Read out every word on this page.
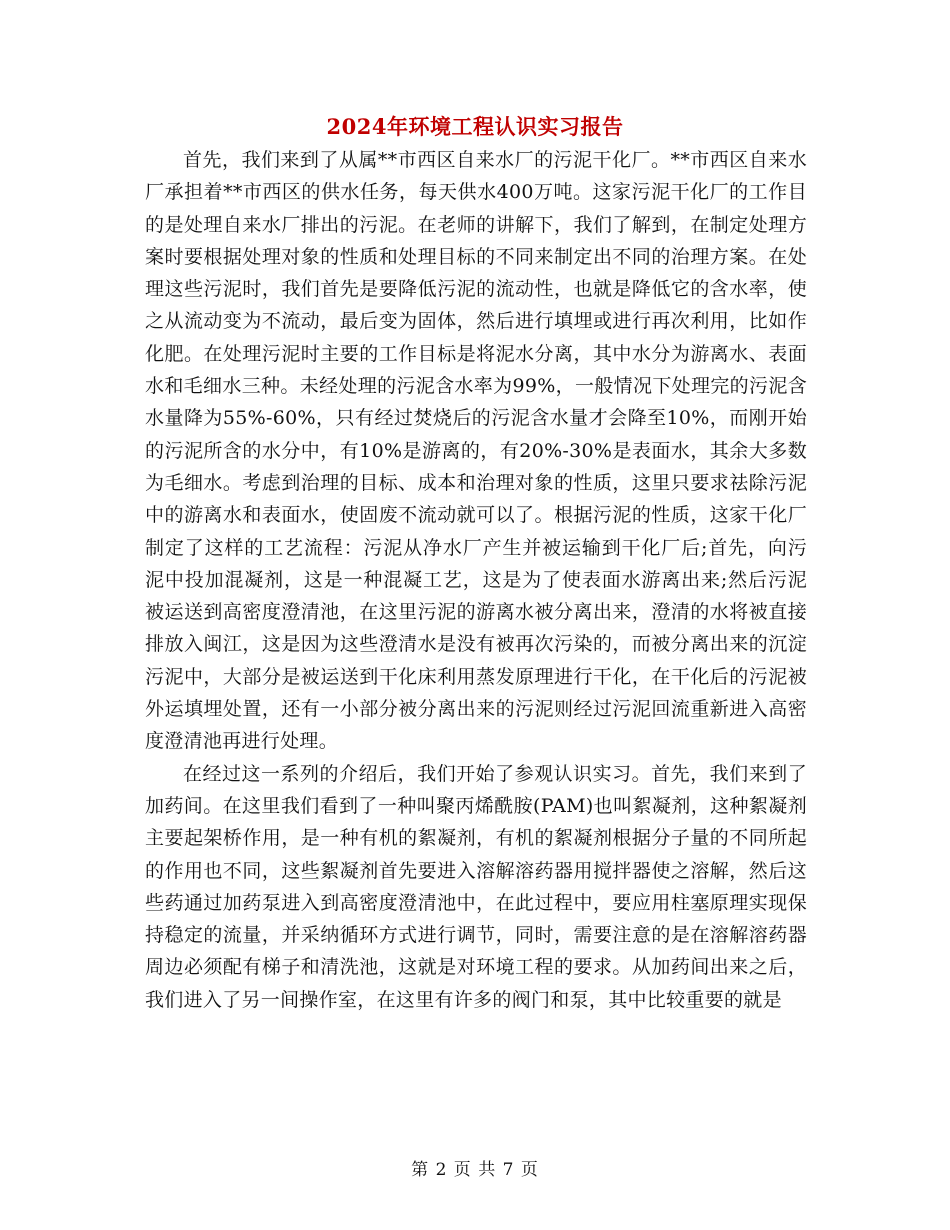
2024年环境工程认识实习报告

首先，我们来到了从属**市西区自来水厂的污泥干化厂。**市西区自来水厂承担着**市西区的供水任务，每天供水400万吨。这家污泥干化厂的工作目的是处理自来水厂排出的污泥。在老师的讲解下，我们了解到，在制定处理方案时要根据处理对象的性质和处理目标的不同来制定出不同的治理方案。在处理这些污泥时，我们首先是要降低污泥的流动性，也就是降低它的含水率，使之从流动变为不流动，最后变为固体，然后进行填埋或进行再次利用，比如作化肥。在处理污泥时主要的工作目标是将泥水分离，其中水分为游离水、表面水和毛细水三种。未经处理的污泥含水率为99%，一般情况下处理完的污泥含水量降为55%-60%，只有经过焚烧后的污泥含水量才会降至10%，而刚开始的污泥所含的水分中，有10%是游离的，有20%-30%是表面水，其余大多数为毛细水。考虑到治理的目标、成本和治理对象的性质，这里只要求祛除污泥中的游离水和表面水，使固废不流动就可以了。根据污泥的性质，这家干化厂制定了这样的工艺流程：污泥从净水厂产生并被运输到干化厂后;首先，向污泥中投加混凝剂，这是一种混凝工艺，这是为了使表面水游离出来;然后污泥被运送到高密度澄清池，在这里污泥的游离水被分离出来，澄清的水将被直接排放入闽江，这是因为这些澄清水是没有被再次污染的，而被分离出来的沉淀污泥中，大部分是被运送到干化床利用蒸发原理进行干化，在干化后的污泥被外运填埋处置，还有一小部分被分离出来的污泥则经过污泥回流重新进入高密度澄清池再进行处理。

在经过这一系列的介绍后，我们开始了参观认识实习。首先，我们来到了加药间。在这里我们看到了一种叫聚丙烯酰胺(PAM)也叫絮凝剂，这种絮凝剂主要起架桥作用，是一种有机的絮凝剂，有机的絮凝剂根据分子量的不同所起的作用也不同，这些絮凝剂首先要进入溶解溶药器用搅拌器使之溶解，然后这些药通过加药泵进入到高密度澄清池中，在此过程中，要应用柱塞原理实现保持稳定的流量，并采纳循环方式进行调节，同时，需要注意的是在溶解溶药器周边必须配有梯子和清洗池，这就是对环境工程的要求。从加药间出来之后，我们进入了另一间操作室，在这里有许多的阀门和泵，其中比较重要的就是

第 2 页 共 7 页
